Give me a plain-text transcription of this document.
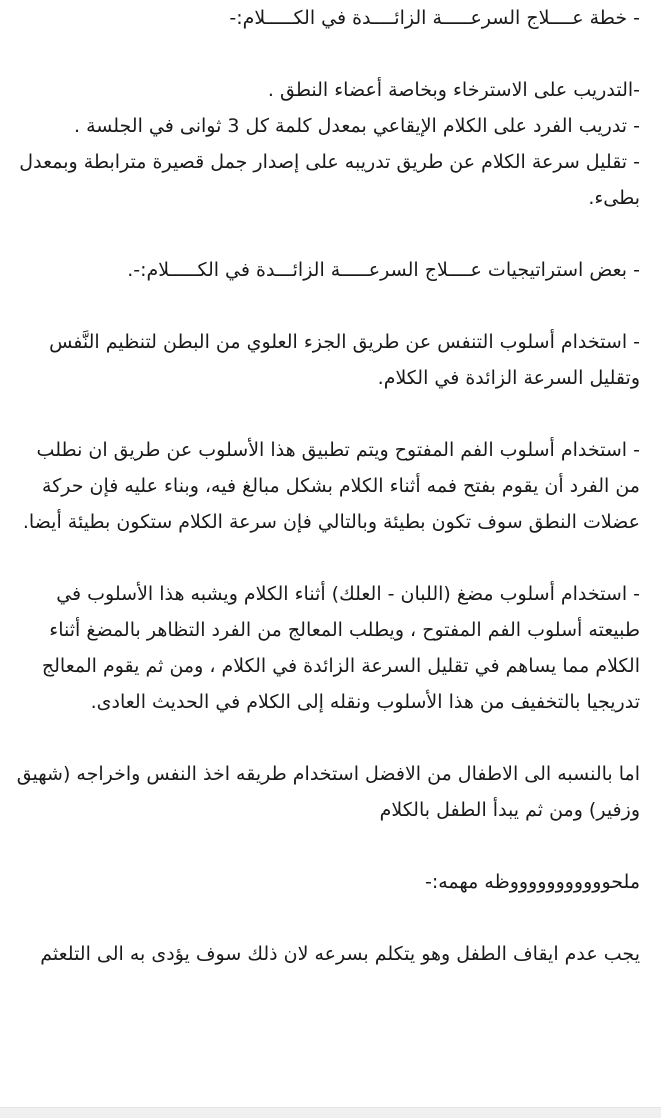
- خطة عــــلاج السرعـــــة الزائــــدة في الكـــــلام:-

-التدريب على الاسترخاء وبخاصة أعضاء النطق .

- تدريب الفرد على الكلام الإيقاعي بمعدل كلمة كل 3 ثوانى في الجلسة .

- تقليل سرعة الكلام عن طريق تدريبه على إصدار جمل قصيرة مترابطة وبمعدل بطىء.

- بعض استراتيجيات عــــلاج السرعـــــة الزائـــدة في الكـــــلام:-.

- استخدام أسلوب التنفس عن طريق الجزء العلوي من البطن لتنظيم النَّفس وتقليل السرعة الزائدة في الكلام.

- استخدام أسلوب الفم المفتوح ويتم تطبيق هذا الأسلوب عن طريق ان نطلب من الفرد أن يقوم بفتح فمه أثناء الكلام بشكل مبالغ فيه، وبناء عليه فإن حركة عضلات النطق سوف تكون بطيئة وبالتالي فإن سرعة الكلام ستكون بطيئة أيضا.

- استخدام أسلوب مضغ (اللبان - العلك) أثناء الكلام ويشبه هذا الأسلوب في طبيعته أسلوب الفم المفتوح ، ويطلب المعالج من الفرد التظاهر بالمضغ أثناء الكلام مما يساهم في تقليل السرعة الزائدة في الكلام ، ومن ثم يقوم المعالج تدريجيا بالتخفيف من هذا الأسلوب ونقله إلى الكلام في الحديث العادى.

اما بالنسبه الى الاطفال من الافضل استخدام طريقه اخذ النفس واخراجه (شهيق وزفير) ومن ثم يبدأ الطفل بالكلام

ملحوووووووووووظه مهمه:-

يجب عدم ايقاف الطفل وهو يتكلم بسرعه لان ذلك سوف يؤدى به الى التلعثم
